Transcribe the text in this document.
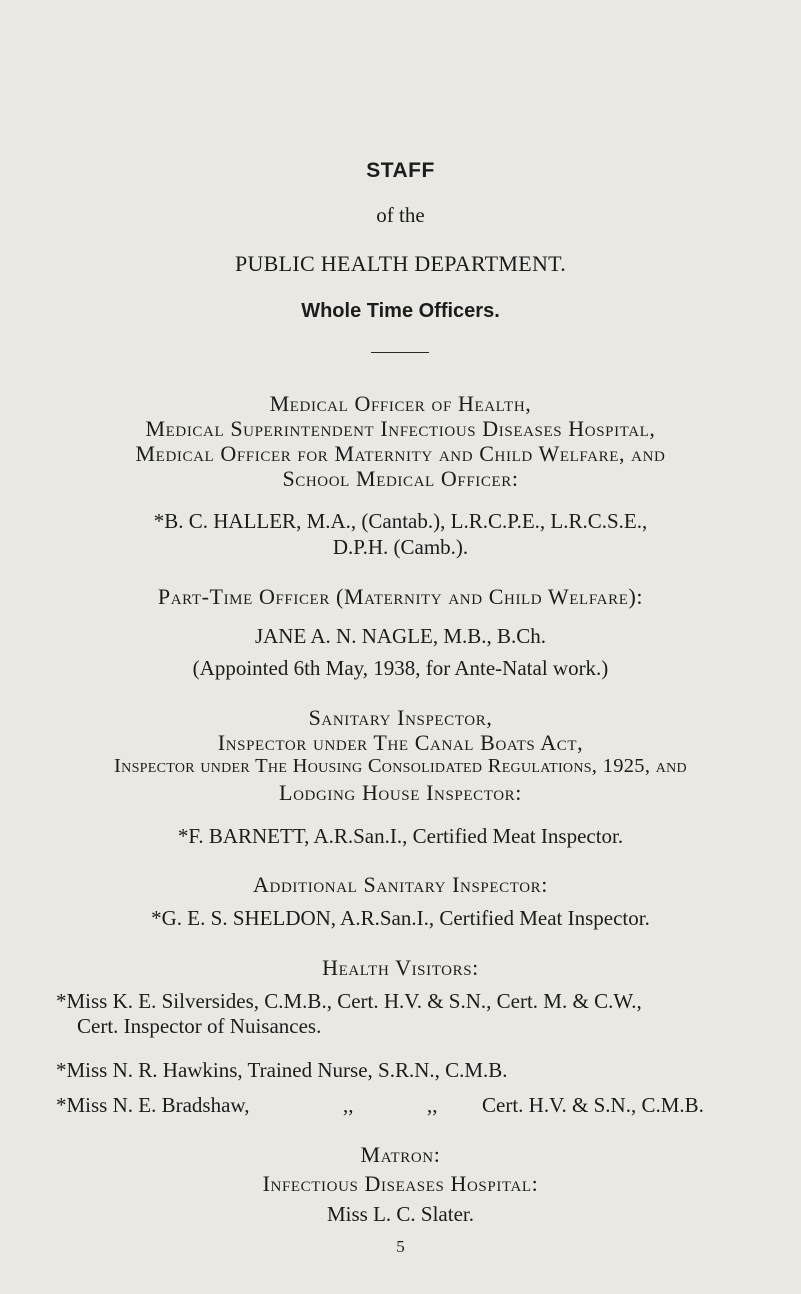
STAFF
of the
PUBLIC HEALTH DEPARTMENT.
Whole Time Officers.
Medical Officer of Health,
Medical Superintendent Infectious Diseases Hospital,
Medical Officer for Maternity and Child Welfare, and
School Medical Officer:
*B. C. HALLER, M.A., (Cantab.), L.R.C.P.E., L.R.C.S.E.,
D.P.H. (Camb.).
Part-Time Officer (Maternity and Child Welfare):
JANE A. N. NAGLE, M.B., B.Ch.
(Appointed 6th May, 1938, for Ante-Natal work.)
Sanitary Inspector,
Inspector under The Canal Boats Act,
Inspector under The Housing Consolidated Regulations, 1925, and
Lodging House Inspector:
*F. BARNETT, A.R.San.I., Certified Meat Inspector.
Additional Sanitary Inspector:
*G. E. S. SHELDON, A.R.San.I., Certified Meat Inspector.
Health Visitors:
*Miss K. E. Silversides, C.M.B., Cert. H.V. & S.N., Cert. M. & C.W.,
Cert. Inspector of Nuisances.
*Miss N. R. Hawkins, Trained Nurse, S.R.N., C.M.B.
*Miss N. E. Bradshaw,	,,	,,	Cert. H.V. & S.N., C.M.B.
Matron:
Infectious Diseases Hospital:
Miss L. C. Slater.
5
